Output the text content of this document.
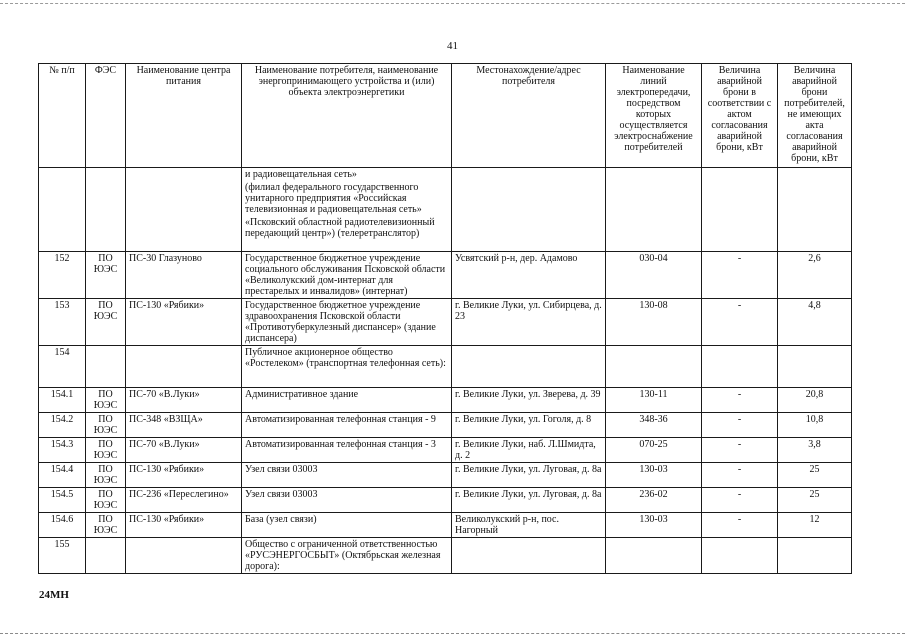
41
№ п/п	ФЭС	Наименование центра питания	Наименование потребителя, наименование энергопринимающего устройства и (или) объекта электроэнергетики	Местонахождение/адрес потребителя	Наименование линий электропередачи, посредством которых осуществляется электроснабжение потребителей	Величина аварийной брони в соответствии с актом согласования аварийной брони, кВт	Величина аварийной брони потребителей, не имеющих акта согласования аварийной брони, кВт

			и радиовещательная сеть»

(филиал федерального государственного унитарного предприятия «Российская телевизионная и радиовещательная сеть»

«Псковский областной радиотелевизионный передающий центр») (телеретранслятор)				

152	ПО ЮЭС	ПС-30 Глазуново	Государственное бюджетное учреждение социального обслуживания Псковской области «Великолукский дом-интернат для престарелых и инвалидов» (интернат)	Усвятский р-н, дер. Адамово	030-04	-	2,6
153	ПО ЮЭС	ПС-130 «Рябики»	Государственное бюджетное учреждение здравоохранения Псковской области «Противотуберкулезный диспансер» (здание диспансера)	г. Великие Луки, ул. Сибирцева, д. 23	130-08	-	4,8
154			Публичное акционерное общество «Ростелеком» (транспортная телефонная сеть):				
154.1	ПО ЮЭС	ПС-70 «В.Луки»	Административное здание	г. Великие Луки, ул. Зверева, д. 39	130-11	-	20,8
154.2	ПО ЮЭС	ПС-348 «ВЗЩА»	Автоматизированная телефонная станция - 9	г. Великие Луки, ул. Гоголя, д. 8	348-36	-	10,8
154.3	ПО ЮЭС	ПС-70 «В.Луки»	Автоматизированная телефонная станция - 3	г. Великие Луки, наб. Л.Шмидта, д. 2	070-25	-	3,8
154.4	ПО ЮЭС	ПС-130 «Рябики»	Узел связи 03003	г. Великие Луки, ул. Луговая, д. 8а	130-03	-	25
154.5	ПО ЮЭС	ПС-236 «Переслегино»	Узел связи 03003	г. Великие Луки, ул. Луговая, д. 8а	236-02	-	25
154.6	ПО ЮЭС	ПС-130 «Рябики»	База (узел связи)	Великолукский р-н, пос. Нагорный	130-03	-	12
155			Общество с ограниченной ответственностью «РУСЭНЕРГОСБЫТ» (Октябрьская железная дорога):				
24МН
